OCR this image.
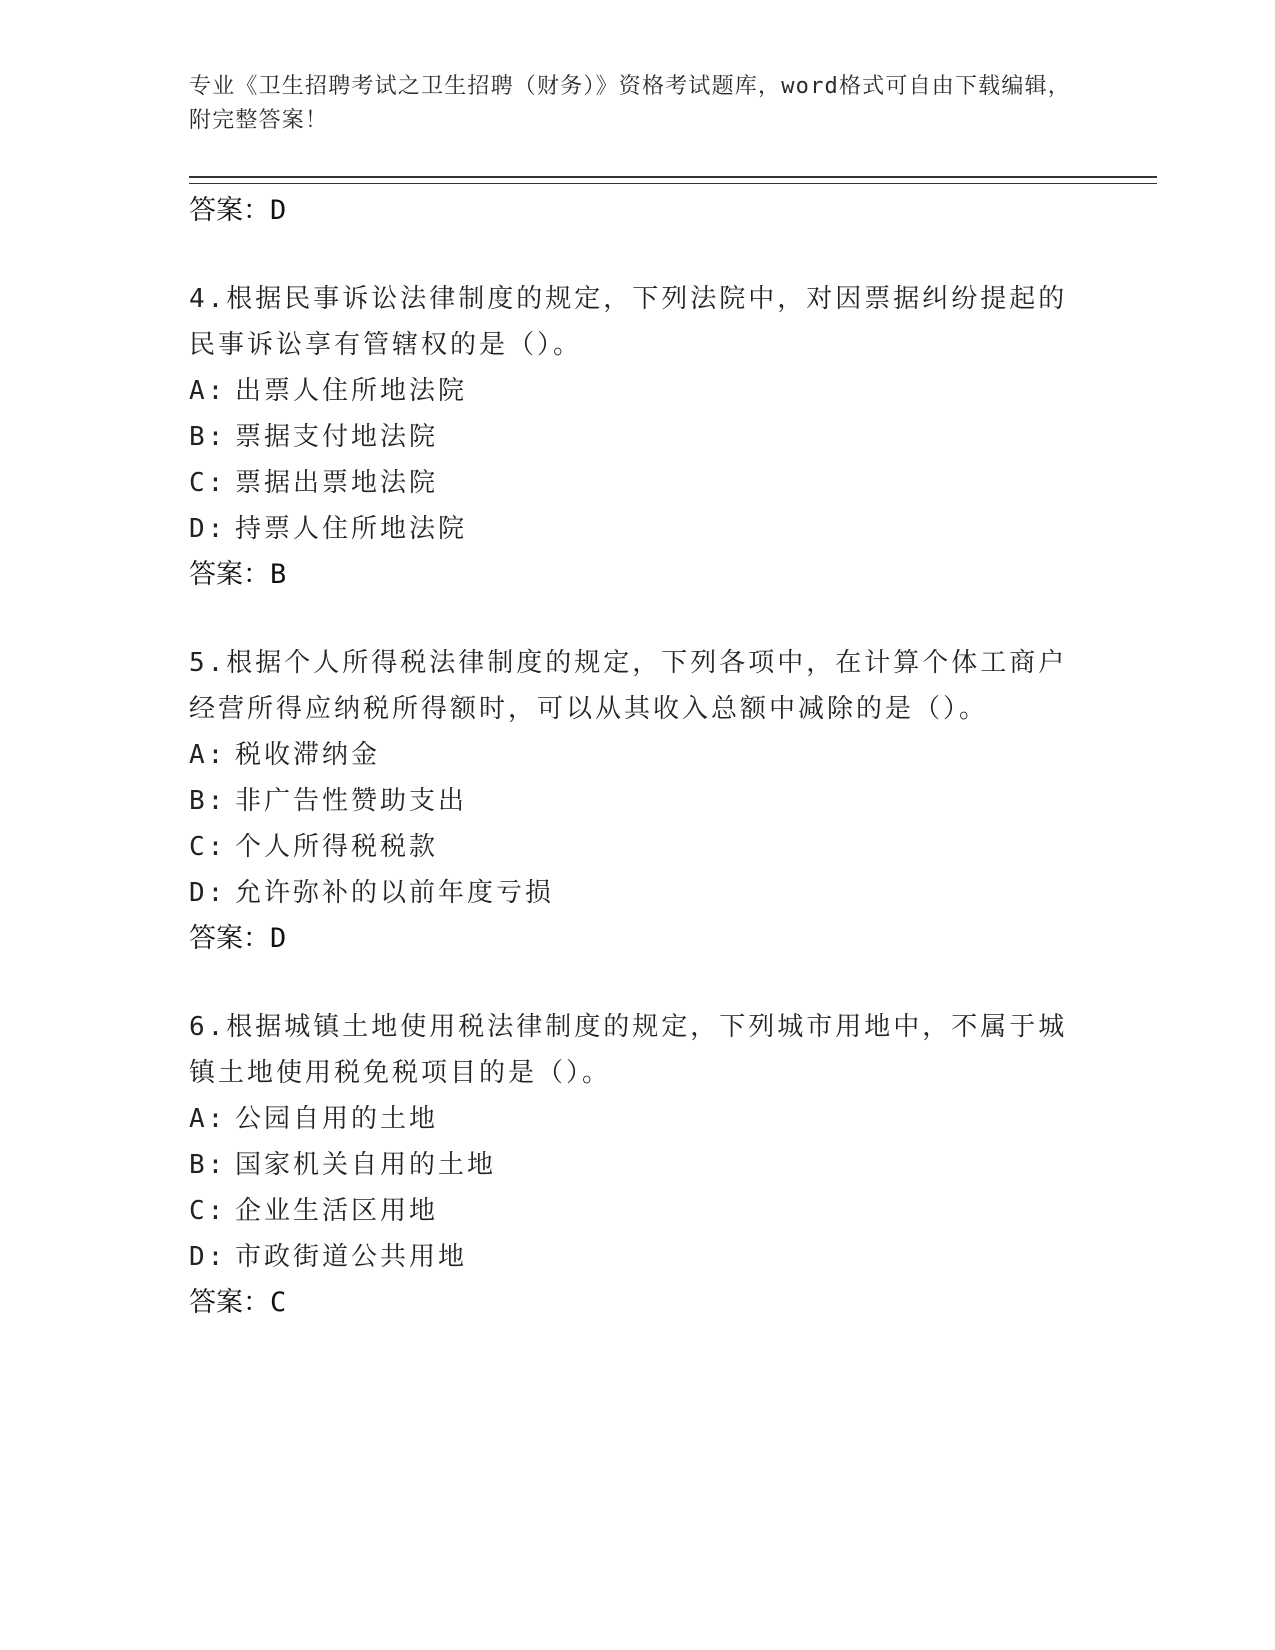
专业《卫生招聘考试之卫生招聘（财务）》资格考试题库，word格式可自由下载编辑，附完整答案！
答案：D
4.根据民事诉讼法律制度的规定，下列法院中，对因票据纠纷提起的民事诉讼享有管辖权的是（）。
A: 出票人住所地法院
B: 票据支付地法院
C: 票据出票地法院
D: 持票人住所地法院
答案：B
5.根据个人所得税法律制度的规定，下列各项中，在计算个体工商户经营所得应纳税所得额时，可以从其收入总额中减除的是（）。
A: 税收滞纳金
B: 非广告性赞助支出
C: 个人所得税税款
D: 允许弥补的以前年度亏损
答案：D
6.根据城镇土地使用税法律制度的规定，下列城市用地中，不属于城镇土地使用税免税项目的是（）。
A: 公园自用的土地
B: 国家机关自用的土地
C: 企业生活区用地
D: 市政街道公共用地
答案：C
